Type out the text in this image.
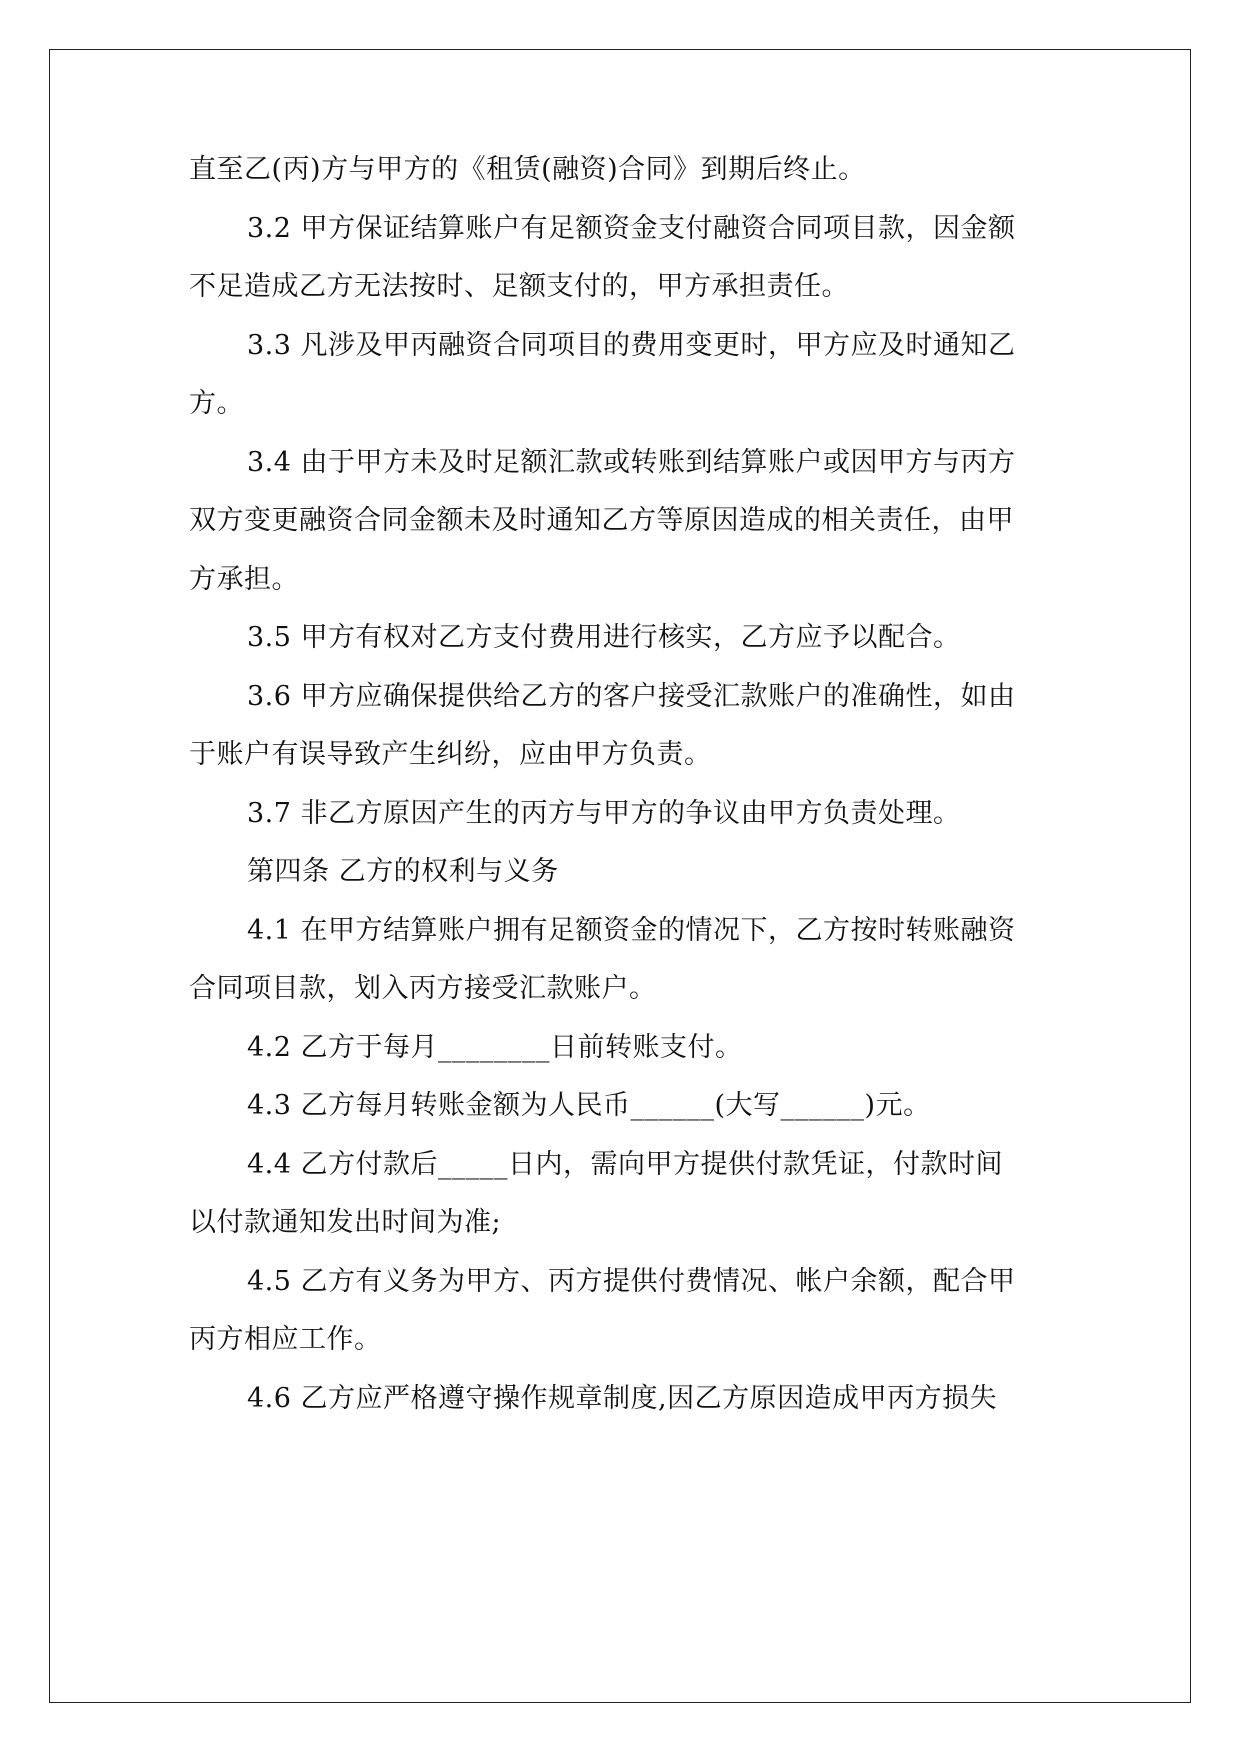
直至乙(丙)方与甲方的《租赁(融资)合同》到期后终止。
3.2 甲方保证结算账户有足额资金支付融资合同项目款，因金额
不足造成乙方无法按时、足额支付的，甲方承担责任。
3.3 凡涉及甲丙融资合同项目的费用变更时，甲方应及时通知乙
方。
3.4 由于甲方未及时足额汇款或转账到结算账户或因甲方与丙方
双方变更融资合同金额未及时通知乙方等原因造成的相关责任，由甲
方承担。
3.5 甲方有权对乙方支付费用进行核实，乙方应予以配合。
3.6 甲方应确保提供给乙方的客户接受汇款账户的准确性，如由
于账户有误导致产生纠纷，应由甲方负责。
3.7 非乙方原因产生的丙方与甲方的争议由甲方负责处理。
第四条 乙方的权利与义务
4.1 在甲方结算账户拥有足额资金的情况下，乙方按时转账融资
合同项目款，划入丙方接受汇款账户。
4.2 乙方于每月________日前转账支付。
4.3 乙方每月转账金额为人民币______(大写______)元。
4.4 乙方付款后_____日内，需向甲方提供付款凭证，付款时间
以付款通知发出时间为准;
4.5 乙方有义务为甲方、丙方提供付费情况、帐户余额，配合甲
丙方相应工作。
4.6 乙方应严格遵守操作规章制度,因乙方原因造成甲丙方损失
